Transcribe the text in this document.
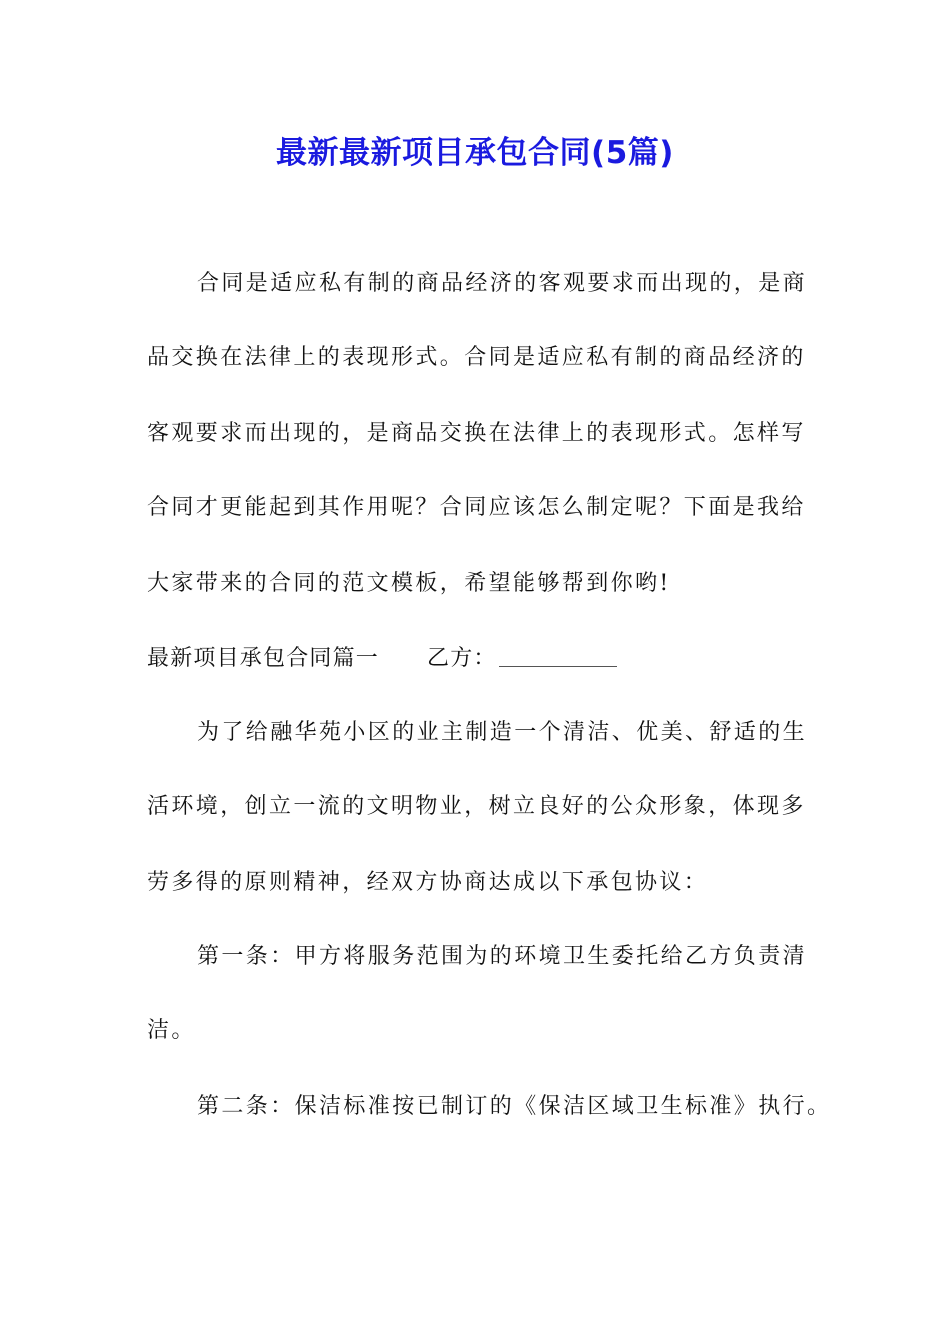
最新最新项目承包合同(5篇)
合同是适应私有制的商品经济的客观要求而出现的，是商
品交换在法律上的表现形式。合同是适应私有制的商品经济的
客观要求而出现的，是商品交换在法律上的表现形式。怎样写
合同才更能起到其作用呢？合同应该怎么制定呢？下面是我给
大家带来的合同的范文模板，希望能够帮到你哟!
最新项目承包合同篇一 乙方：
为了给融华苑小区的业主制造一个清洁、优美、舒适的生
活环境，创立一流的文明物业，树立良好的公众形象，体现多
劳多得的原则精神，经双方协商达成以下承包协议：
第一条：甲方将服务范围为的环境卫生委托给乙方负责清
洁。
第二条：保洁标准按已制订的《保洁区域卫生标准》执行。
